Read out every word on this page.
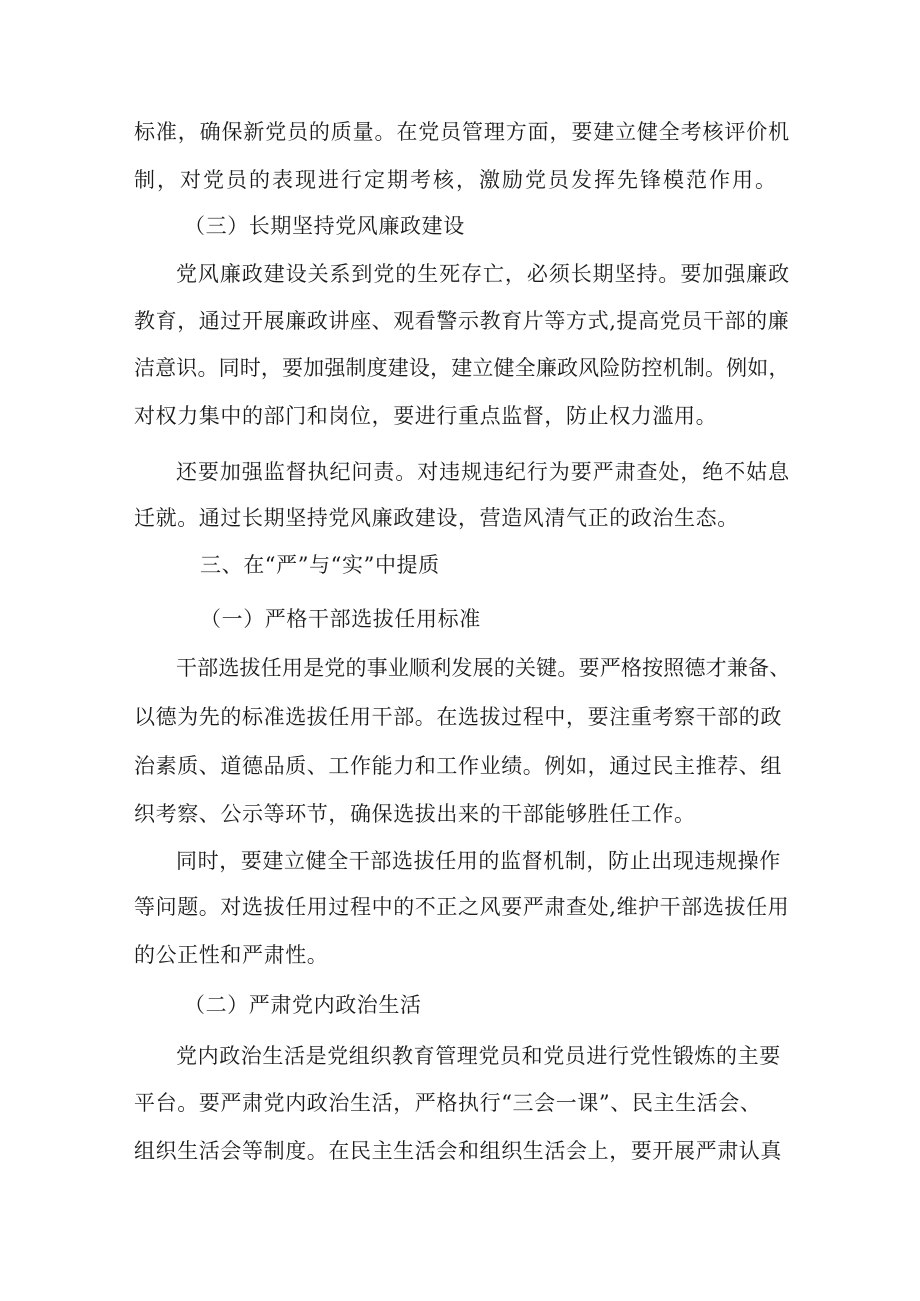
标准，确保新党员的质量。在党员管理方面，要建立健全考核评价机
制，对党员的表现进行定期考核，激励党员发挥先锋模范作用。
（三）长期坚持党风廉政建设
党风廉政建设关系到党的生死存亡，必须长期坚持。要加强廉政
教育，通过开展廉政讲座、观看警示教育片等方式,提高党员干部的廉
洁意识。同时，要加强制度建设，建立健全廉政风险防控机制。例如，
对权力集中的部门和岗位，要进行重点监督，防止权力滥用。
还要加强监督执纪问责。对违规违纪行为要严肃查处，绝不姑息
迁就。通过长期坚持党风廉政建设，营造风清气正的政治生态。
三、在“严”与“实”中提质
（一）严格干部选拔任用标准
干部选拔任用是党的事业顺利发展的关键。要严格按照德才兼备、
以德为先的标准选拔任用干部。在选拔过程中，要注重考察干部的政
治素质、道德品质、工作能力和工作业绩。例如，通过民主推荐、组
织考察、公示等环节，确保选拔出来的干部能够胜任工作。
同时，要建立健全干部选拔任用的监督机制，防止出现违规操作
等问题。对选拔任用过程中的不正之风要严肃查处,维护干部选拔任用
的公正性和严肃性。
（二）严肃党内政治生活
党内政治生活是党组织教育管理党员和党员进行党性锻炼的主要
平台。要严肃党内政治生活，严格执行“三会一课”、民主生活会、
组织生活会等制度。在民主生活会和组织生活会上，要开展严肃认真
